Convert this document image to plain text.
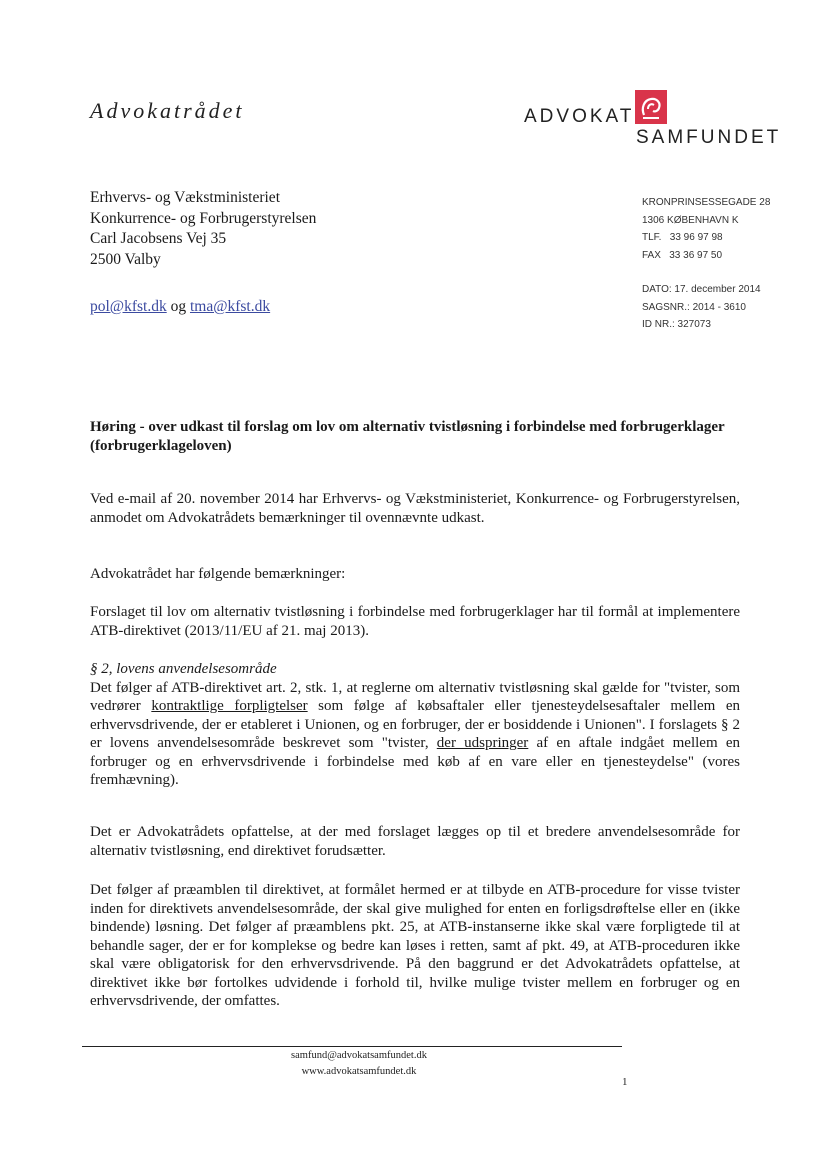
Advokatrådet	ADVOKAT
SAMFUNDET
Erhvervs- og Vækstministeriet
Konkurrence- og Forbrugerstyrelsen
Carl Jacobsens Vej 35
2500 Valby
KRONPRINSESSEGADE 28
1306 KØBENHAVN K
TLF.   33 96 97 98
FAX   33 36 97 50
DATO: 17. december 2014
SAGSNR.: 2014 - 3610
ID NR.: 327073
pol@kfst.dk og tma@kfst.dk
Høring - over udkast til forslag om lov om alternativ tvistløsning i forbindelse med forbrugerklager (forbrugerklageloven)
Ved e-mail af 20. november 2014 har Erhvervs- og Vækstministeriet, Konkurrence- og Forbrugerstyrelsen, anmodet om Advokatrådets bemærkninger til ovennævnte udkast.
Advokatrådet har følgende bemærkninger:
Forslaget til lov om alternativ tvistløsning i forbindelse med forbrugerklager har til formål at implementere ATB-direktivet (2013/11/EU af 21. maj 2013).
§ 2, lovens anvendelsesområde
Det følger af ATB-direktivet art. 2, stk. 1, at reglerne om alternativ tvistløsning skal gælde for "tvister, som vedrører kontraktlige forpligtelser som følge af købsaftaler eller tjenesteydelsesaftaler mellem en erhvervsdrivende, der er etableret i Unionen, og en forbruger, der er bosiddende i Unionen". I forslagets § 2 er lovens anvendelsesområde beskrevet som "tvister, der udspringer af en aftale indgået mellem en forbruger og en erhvervsdrivende i forbindelse med køb af en vare eller en tjenesteydelse" (vores fremhævning).
Det er Advokatrådets opfattelse, at der med forslaget lægges op til et bredere anvendelsesområde for alternativ tvistløsning, end direktivet forudsætter.
Det følger af præamblen til direktivet, at formålet hermed er at tilbyde en ATB-procedure for visse tvister inden for direktivets anvendelsesområde, der skal give mulighed for enten en forligsdrøftelse eller en (ikke bindende) løsning. Det følger af præamblens pkt. 25, at ATB-instanserne ikke skal være forpligtede til at behandle sager, der er for komplekse og bedre kan løses i retten, samt af pkt. 49, at ATB-proceduren ikke skal være obligatorisk for den erhvervsdrivende. På den baggrund er det Advokatrådets opfattelse, at direktivet ikke bør fortolkes udvidende i forhold til, hvilke mulige tvister mellem en forbruger og en erhvervsdrivende, der omfattes.
samfund@advokatsamfundet.dk
www.advokatsamfundet.dk
1
